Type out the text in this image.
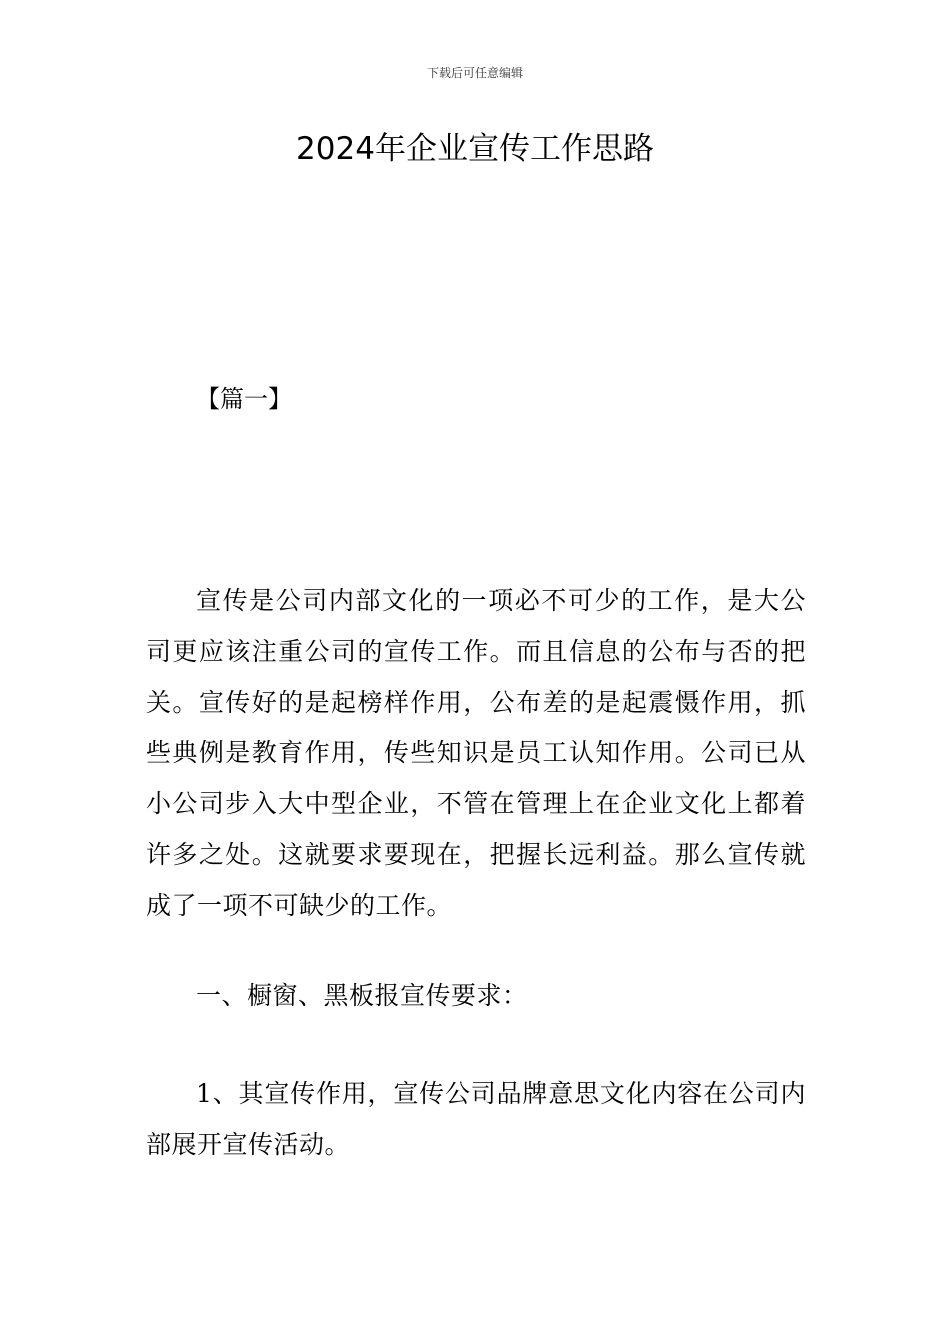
下载后可任意编辑
2024年企业宣传工作思路
【篇一】

宣传是公司内部文化的一项必不可少的工作，是大公司更应该注重公司的宣传工作。而且信息的公布与否的把关。宣传好的是起榜样作用，公布差的是起震慑作用，抓些典例是教育作用，传些知识是员工认知作用。公司已从小公司步入大中型企业，不管在管理上在企业文化上都着许多之处。这就要求要现在，把握长远利益。那么宣传就成了一项不可缺少的工作。

一、橱窗、黑板报宣传要求：

1、其宣传作用，宣传公司品牌意思文化内容在公司内部展开宣传活动。
